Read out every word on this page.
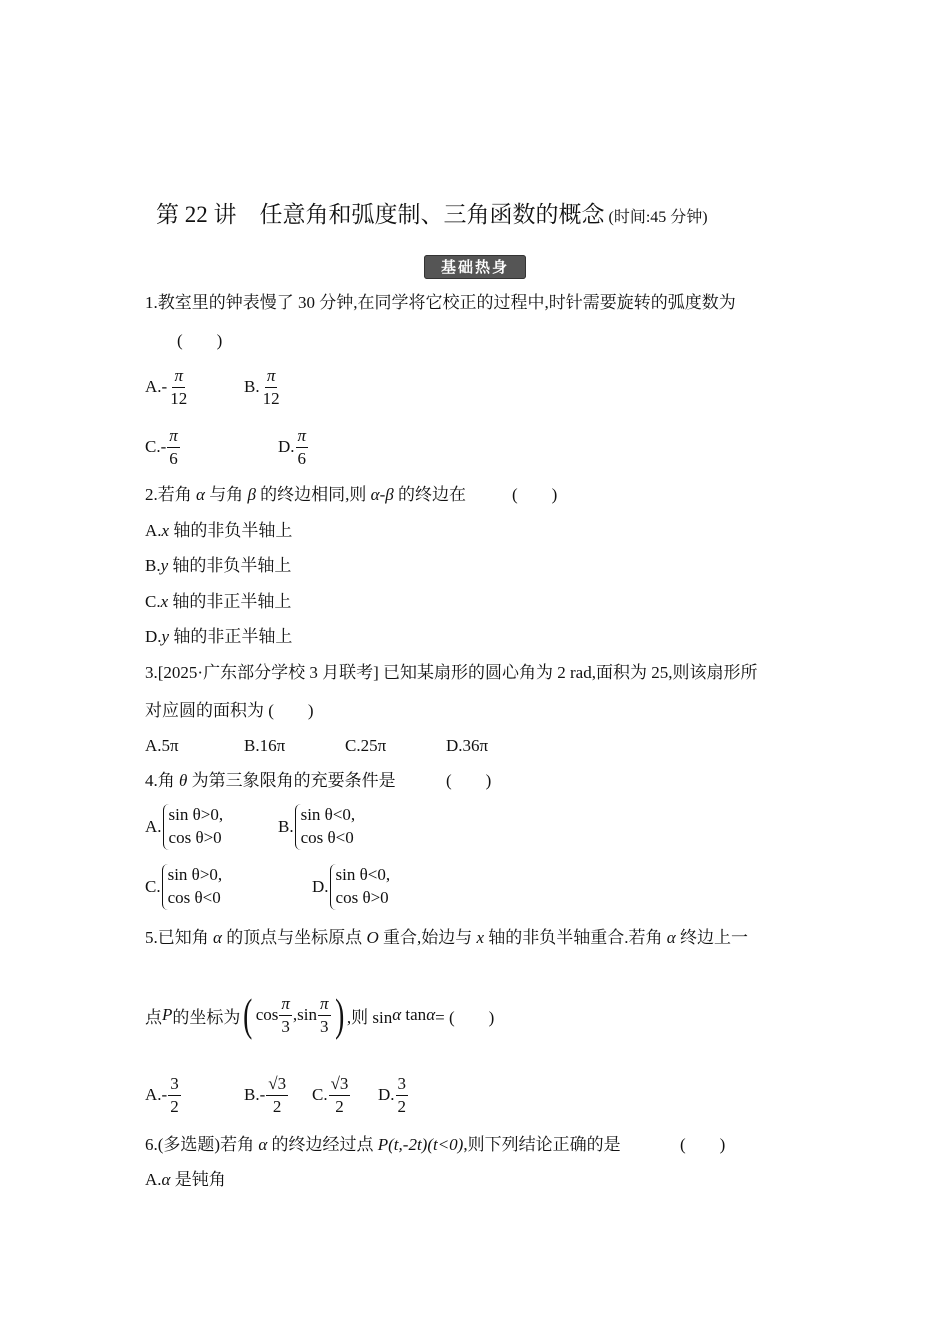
第 22 讲　任意角和弧度制、三角函数的概念 (时间:45 分钟)
基础热身
1.教室里的钟表慢了 30 分钟,在同学将它校正的过程中,时针需要旋转的弧度数为
(　　)
$A.- \frac{\pi}{12}$	B. $\frac{\pi}{12}$
$C.- \frac{\pi}{6}$	D. $\frac{\pi}{6}$
2.若角 α 与角 β 的终边相同,则 α-β 的终边在	(　　)
A.x 轴的非负半轴上
B.y 轴的非负半轴上
C.x 轴的非正半轴上
D.y 轴的非正半轴上
3.[2025·广东部分学校 3 月联考] 已知某扇形的圆心角为 2 rad,面积为 25,则该扇形所
对应圆的面积为 (　　)
A.5π	B.16π	C.25π	D.36π
4.角 θ 为第三象限角的充要条件是	(　　)
A.
sin θ>0,
cos θ>0
B.
sin θ<0,
cos θ<0
C.
sin θ>0,
cos θ<0
D.
sin θ<0,
cos θ>0
5.已知角 α 的顶点与坐标原点 O 重合,始边与 x 轴的非负半轴重合.若角 α 终边上一
点 P 的坐标为 ( $\cos \frac{\pi}{3}$ , $\sin \frac{\pi}{3}$ ) ,则 sin α
tan α = (　　)
$A.- \frac{3}{2}$	$B.- \frac{√3}{2} C$. $\frac{√3}{2} D$. $\frac{3}{2}$
6.(多选题)若角 α 的终边经过点 P(t,-2t)(t<0),则下列结论正确的是	(　　)
A.α 是钝角
